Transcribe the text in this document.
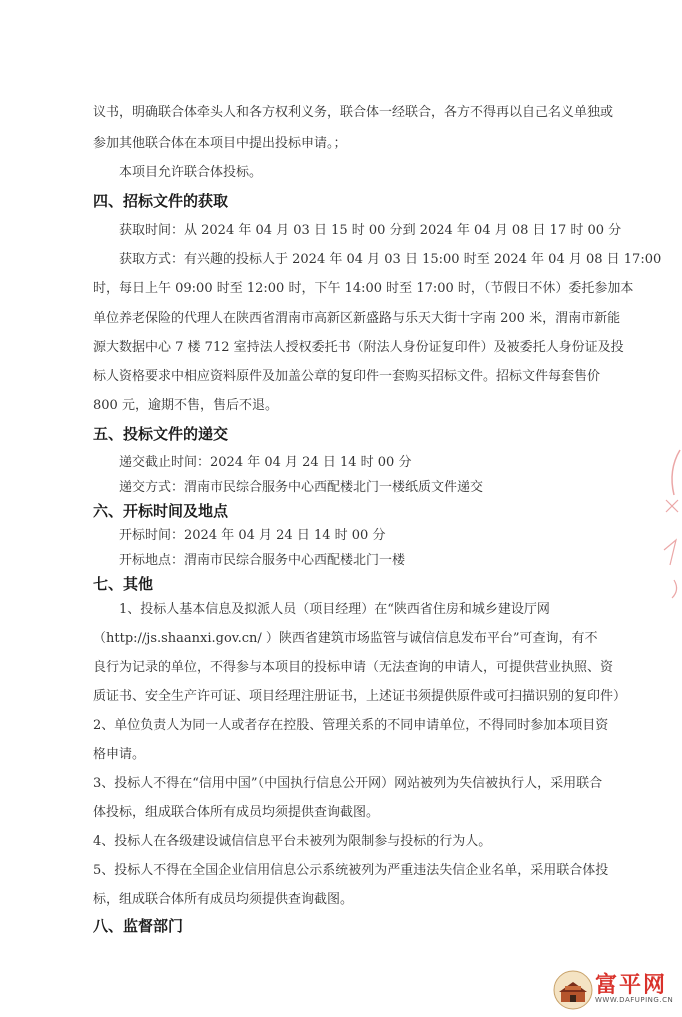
议书，明确联合体牵头人和各方权利义务，联合体一经联合，各方不得再以自己名义单独或
参加其他联合体在本项目中提出投标申请。；
本项目允许联合体投标。
四、招标文件的获取
获取时间：从 2024 年 04 月 03 日 15 时 00 分到 2024 年 04 月 08 日 17 时 00 分
获取方式：有兴趣的投标人于 2024 年 04 月 03 日 15:00 时至 2024 年 04 月 08 日 17:00
时，每日上午 09:00 时至 12:00 时，下午 14:00 时至 17:00 时，（节假日不休）委托参加本
单位养老保险的代理人在陕西省渭南市高新区新盛路与乐天大街十字南 200 米，渭南市新能
源大数据中心 7 楼 712 室持法人授权委托书（附法人身份证复印件）及被委托人身份证及投
标人资格要求中相应资料原件及加盖公章的复印件一套购买招标文件。招标文件每套售价
800 元，逾期不售，售后不退。
五、投标文件的递交
递交截止时间：2024 年 04 月 24 日 14 时 00 分
递交方式：渭南市民综合服务中心西配楼北门一楼纸质文件递交
六、开标时间及地点
开标时间：2024 年 04 月 24 日 14 时 00 分
开标地点：渭南市民综合服务中心西配楼北门一楼
七、其他
1、投标人基本信息及拟派人员（项目经理）在“陕西省住房和城乡建设厅网
（http://js.shaanxi.gov.cn/ ）陕西省建筑市场监管与诚信信息发布平台”可查询，有不
良行为记录的单位，不得参与本项目的投标申请（无法查询的申请人，可提供营业执照、资
质证书、安全生产许可证、项目经理注册证书，上述证书须提供原件或可扫描识别的复印件）
2、单位负责人为同一人或者存在控股、管理关系的不同申请单位，不得同时参加本项目资
格申请。
3、投标人不得在“信用中国”（中国执行信息公开网）网站被列为失信被执行人，采用联合
体投标，组成联合体所有成员均须提供查询截图。
4、投标人在各级建设诚信信息平台未被列为限制参与投标的行为人。
5、投标人不得在全国企业信用信息公示系统被列为严重违法失信企业名单，采用联合体投
标，组成联合体所有成员均须提供查询截图。
八、监督部门
富平网
WWW.DAFUPING.CN
